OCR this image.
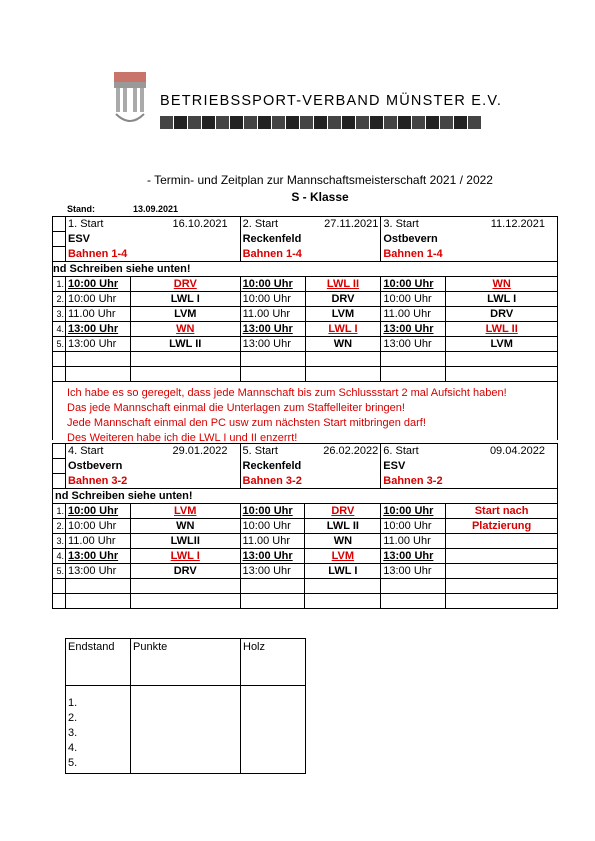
BETRIEBSSPORT-VERBAND MÜNSTER E.V.
- Termin- und Zeitplan zur Mannschaftsmeisterschaft 2021 / 2022
S - Klasse
Stand:	13.09.2021
	1. Start 16.10.2021		2. Start 27.11.2021		3. Start 11.12.2021	

	ESV		Reckenfeld		Ostbevern	
	Bahnen 1-4		Bahnen 1-4		Bahnen 1-4	
nd Schreiben siehe unten!						
1.	10:00 Uhr	DRV	10:00 Uhr	LWL II	10:00 Uhr	WN
2.	10:00 Uhr	LWL I	10:00 Uhr	DRV	10:00 Uhr	LWL I
3.	11.00 Uhr	LVM	11.00 Uhr	LVM	11.00 Uhr	DRV
4.	13:00 Uhr	WN	13:00 Uhr	LWL I	13:00 Uhr	LWL II
5.	13:00 Uhr	LWL II	13:00 Uhr	WN	13:00 Uhr	LVM

Ich habe es so geregelt, dass jede Mannschaft bis zum Schlussstart 2 mal Aufsicht haben!
Das jede Mannschaft einmal die Unterlagen zum Staffelleiter bringen!
Jede Mannschaft einmal den PC usw zum nächsten Start mitbringen darf!
Des Weiteren habe ich die LWL I und II enzerrt!
	4. Start 29.01.2022		5. Start 26.02.2022		6. Start 09.04.2022	

	Ostbevern		Reckenfeld		ESV	
	Bahnen 3-2		Bahnen 3-2		Bahnen 3-2	
nd Schreiben siehe unten!						
1.	10:00 Uhr	LVM	10:00 Uhr	DRV	10:00 Uhr	Start nach
2.	10:00 Uhr	WN	10:00 Uhr	LWL II	10:00 Uhr	Platzierung
3.	11.00 Uhr	LWLII	11.00 Uhr	WN	11.00 Uhr	
4.	13:00 Uhr	LWL I	13:00 Uhr	LVM	13:00 Uhr	
5.	13:00 Uhr	DRV	13:00 Uhr	LWL I	13:00 Uhr	

Endstand	Punkte	Holz

1.
2.
3.
4.
5.		
